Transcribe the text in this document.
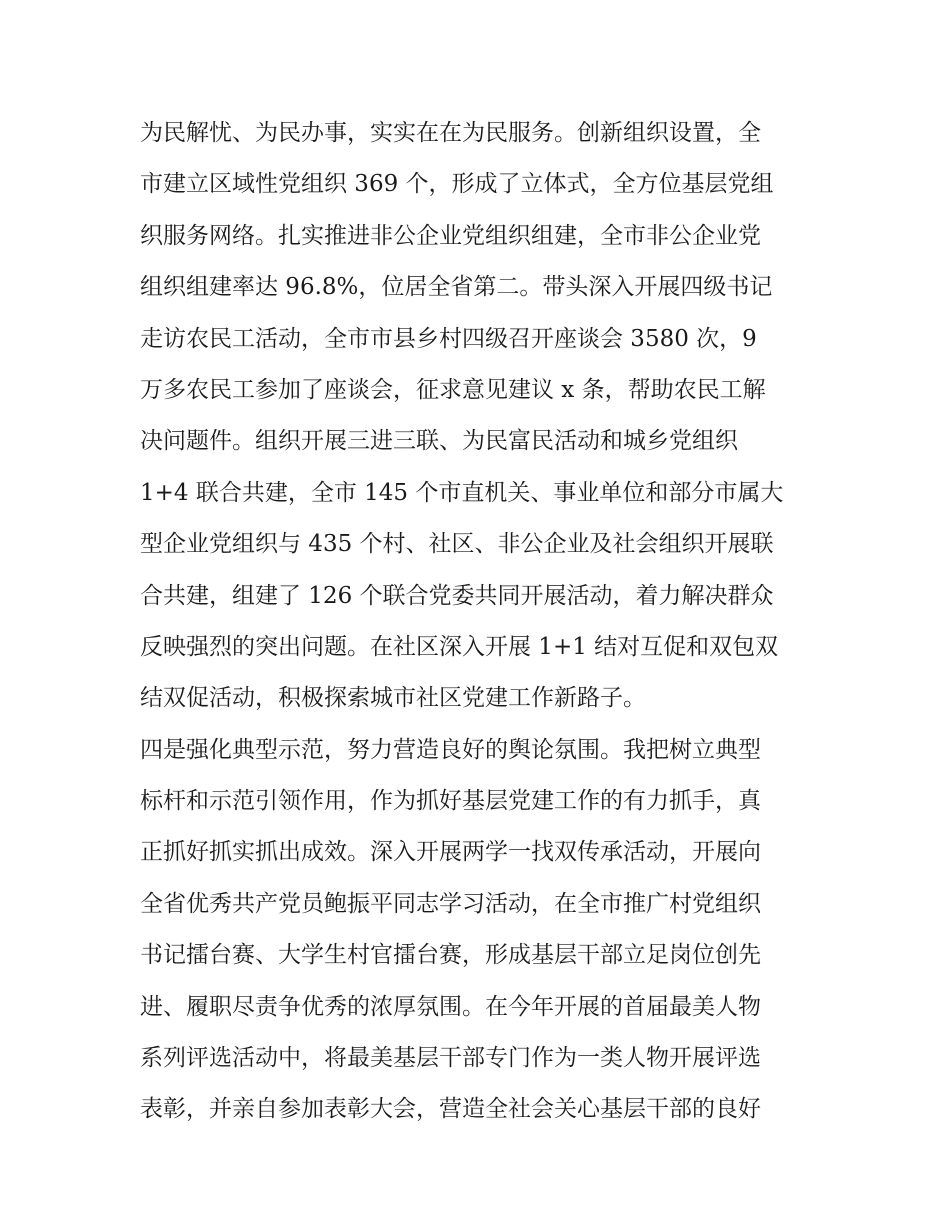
为民解忧、为民办事，实实在在为民服务。创新组织设置，全
市建立区域性党组织 369 个，形成了立体式，全方位基层党组
织服务网络。扎实推进非公企业党组织组建，全市非公企业党
组织组建率达 96.8%，位居全省第二。带头深入开展四级书记
走访农民工活动，全市市县乡村四级召开座谈会 3580 次，9
万多农民工参加了座谈会，征求意见建议 x 条，帮助农民工解
决问题件。组织开展三进三联、为民富民活动和城乡党组织
1+4 联合共建，全市 145 个市直机关、事业单位和部分市属大
型企业党组织与 435 个村、社区、非公企业及社会组织开展联
合共建，组建了 126 个联合党委共同开展活动，着力解决群众
反映强烈的突出问题。在社区深入开展 1+1 结对互促和双包双
结双促活动，积极探索城市社区党建工作新路子。
四是强化典型示范，努力营造良好的舆论氛围。我把树立典型
标杆和示范引领作用，作为抓好基层党建工作的有力抓手，真
正抓好抓实抓出成效。深入开展两学一找双传承活动，开展向
全省优秀共产党员鲍振平同志学习活动，在全市推广村党组织
书记擂台赛、大学生村官擂台赛，形成基层干部立足岗位创先
进、履职尽责争优秀的浓厚氛围。在今年开展的首届最美人物
系列评选活动中，将最美基层干部专门作为一类人物开展评选
表彰，并亲自参加表彰大会，营造全社会关心基层干部的良好
